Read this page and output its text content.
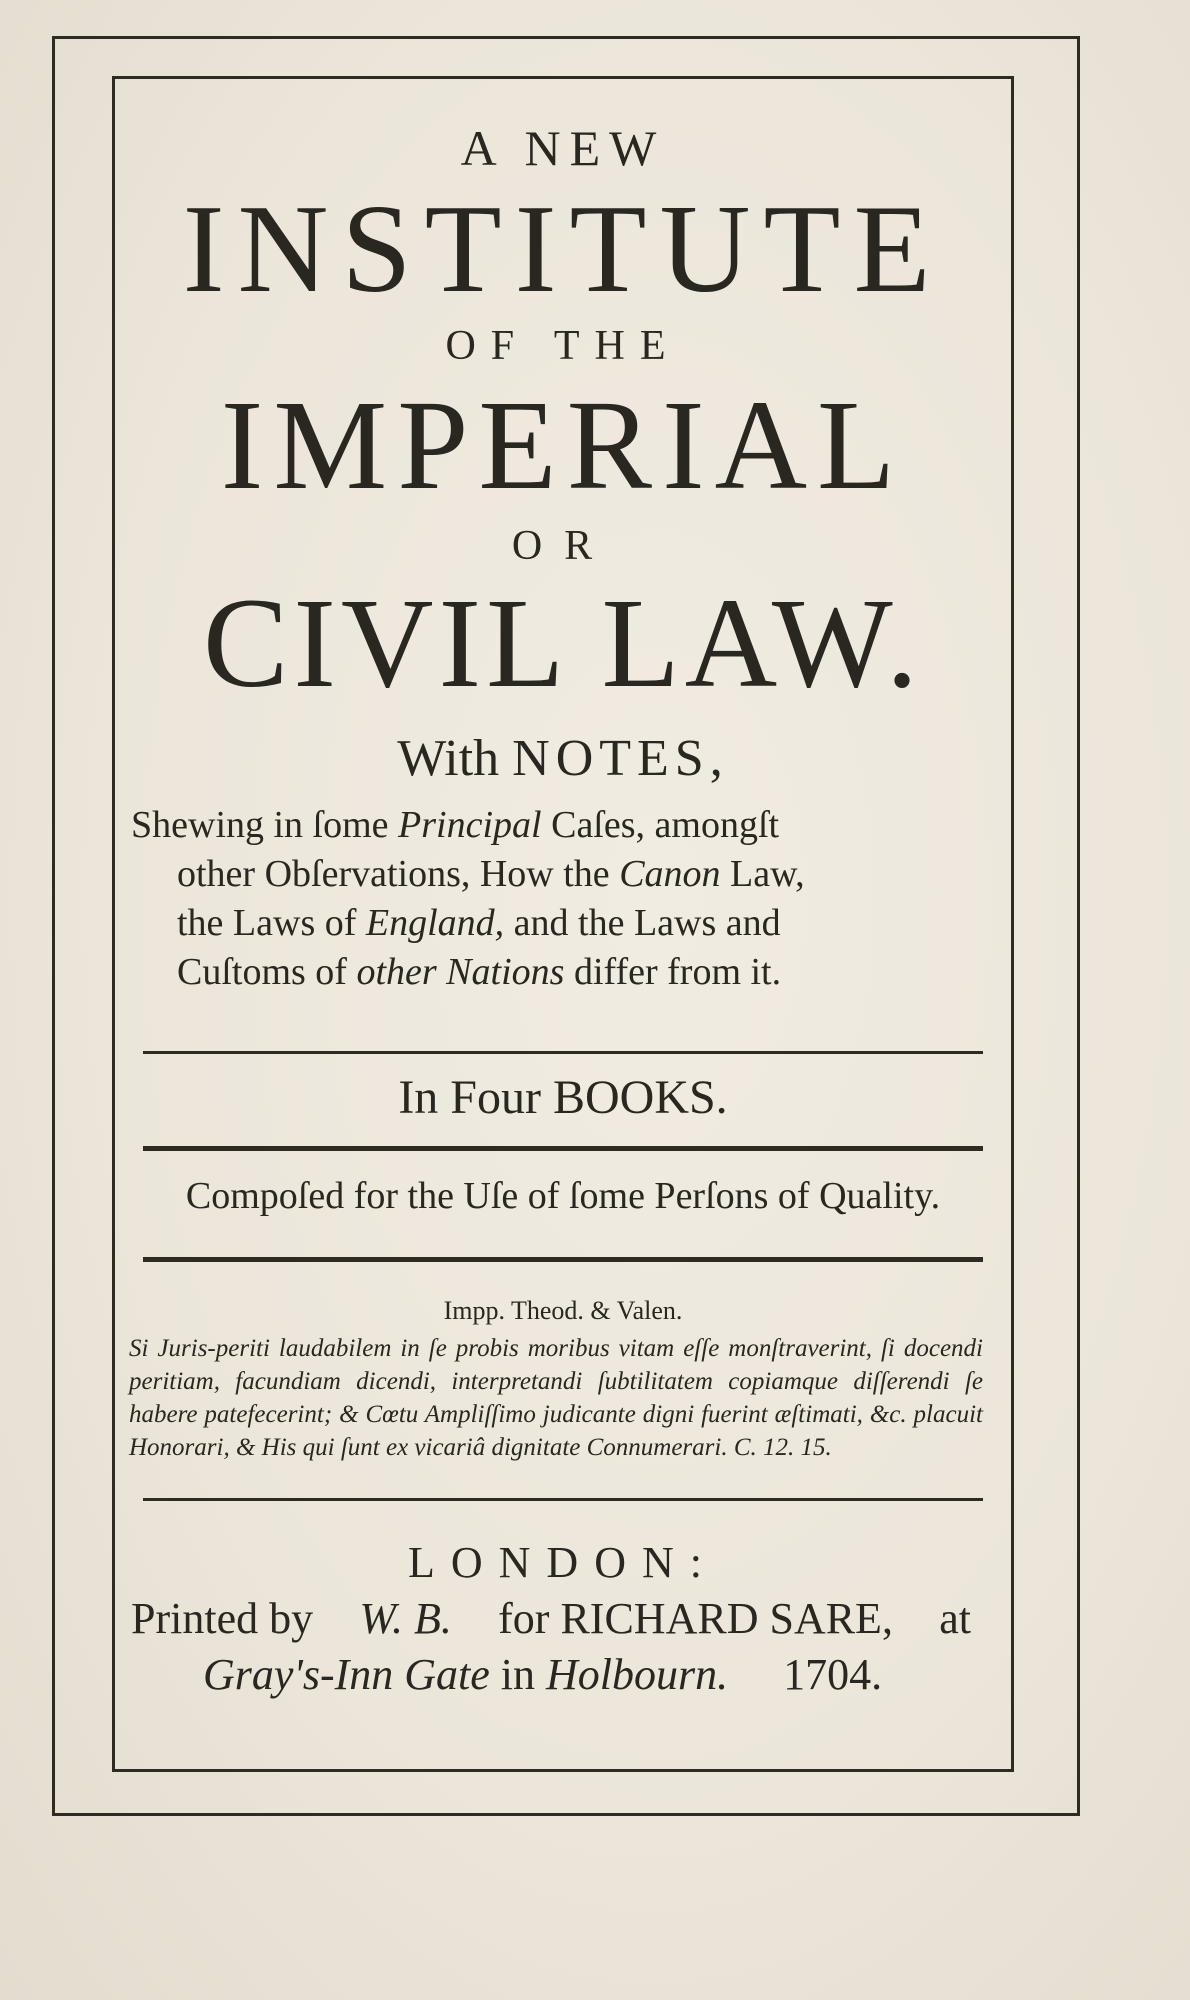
A NEW
INSTITUTE
OF THE
IMPERIAL
OR
CIVIL LAW.
With NOTES,
Shewing in ſome Principal Caſes, amongſt
other Obſervations, How the Canon Law,
the Laws of England, and the Laws and
Cuſtoms of other Nations differ from it.
In Four BOOKS.
Compoſed for the Uſe of ſome Perſons of Quality.
Impp. Theod. & Valen.
Si Juris-periti laudabilem in ſe probis moribus vitam eſſe monſtraverint, ſi docendi peritiam, facundiam dicendi, interpretandi ſubtilitatem copiamque diſſerendi ſe habere patefecerint; & Cœtu Ampliſſimo judicante digni fuerint æſtimati, &c. placuit Honorari, & His qui ſunt ex vicariâ dignitate Connumerari. C. 12. 15.
LONDON:
Printed by W. B. for RICHARD SARE, at
Gray's-Inn Gate in Holbourn. 1704.
